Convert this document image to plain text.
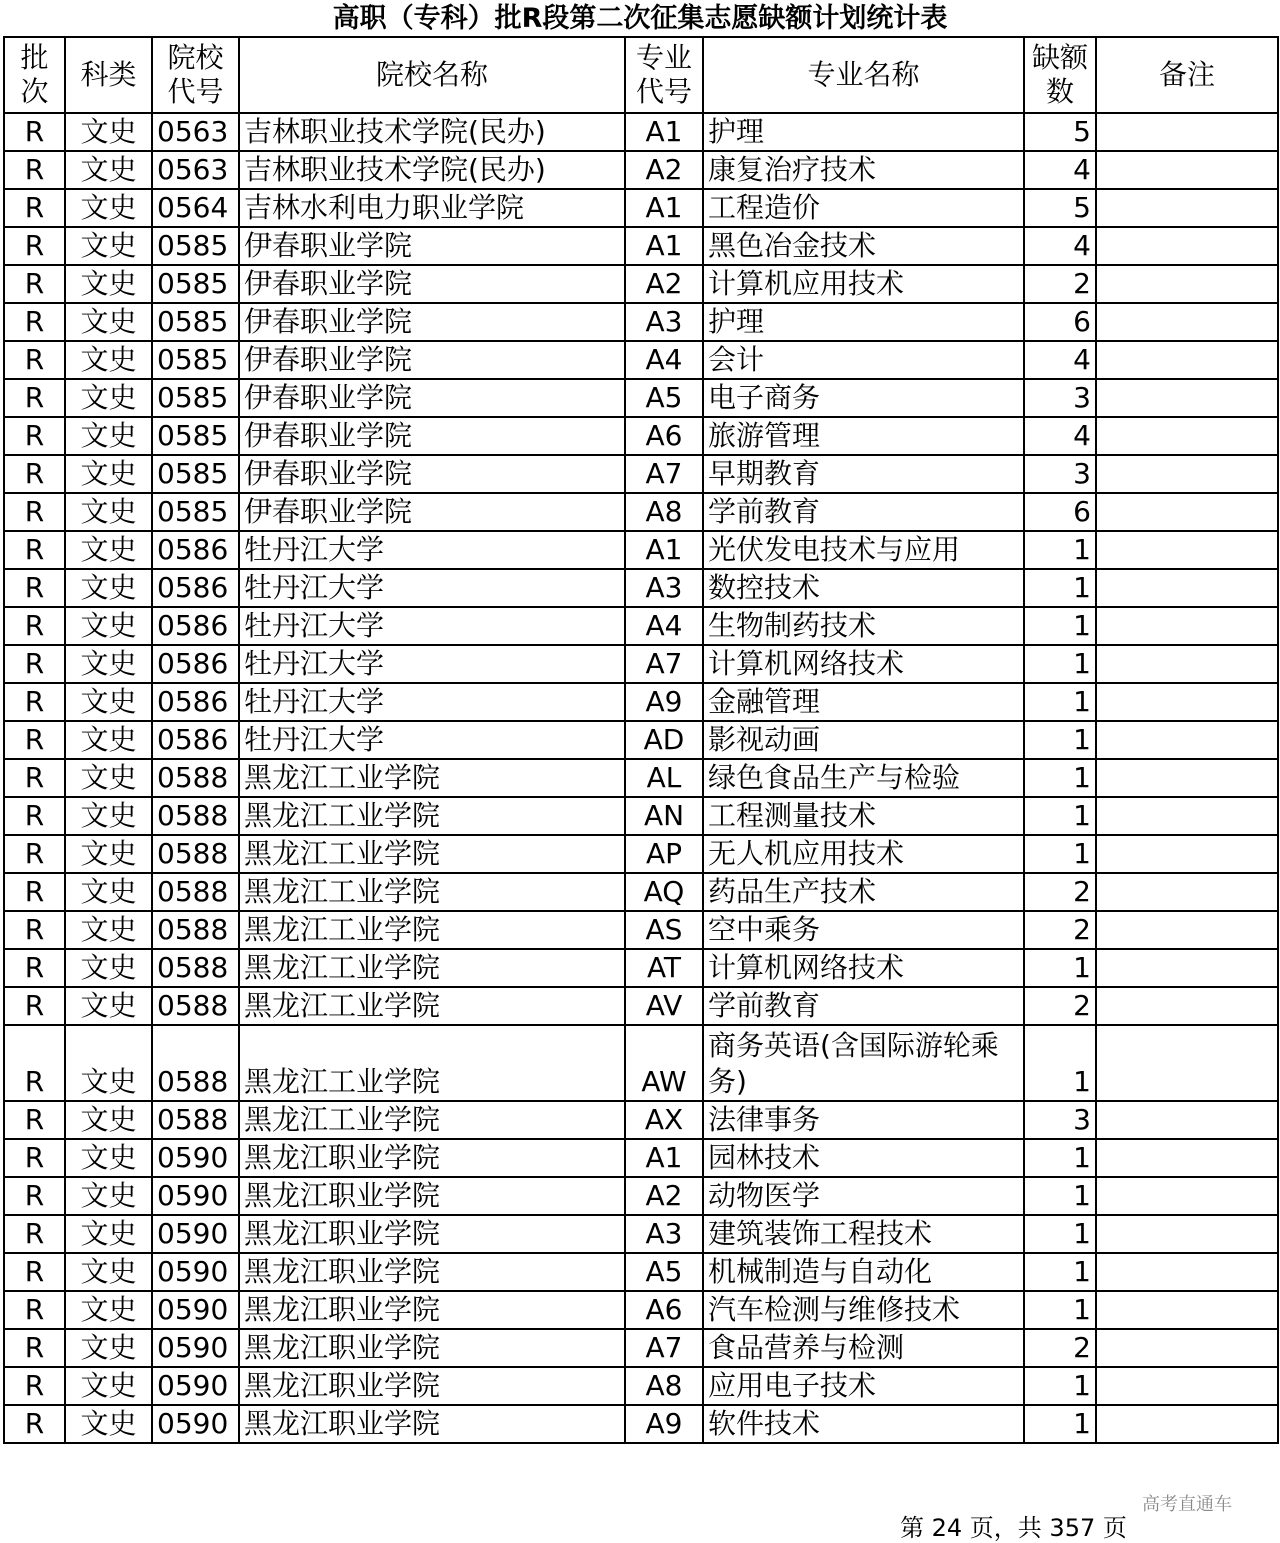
高职（专科）批R段第二次征集志愿缺额计划统计表
批次	科类	院校代号	院校名称	专业代号	专业名称	缺额数	备注
R	文史	0563	吉林职业技术学院(民办)	A1	护理	5	
R	文史	0563	吉林职业技术学院(民办)	A2	康复治疗技术	4	
R	文史	0564	吉林水利电力职业学院	A1	工程造价	5	
R	文史	0585	伊春职业学院	A1	黑色冶金技术	4	
R	文史	0585	伊春职业学院	A2	计算机应用技术	2	
R	文史	0585	伊春职业学院	A3	护理	6	
R	文史	0585	伊春职业学院	A4	会计	4	
R	文史	0585	伊春职业学院	A5	电子商务	3	
R	文史	0585	伊春职业学院	A6	旅游管理	4	
R	文史	0585	伊春职业学院	A7	早期教育	3	
R	文史	0585	伊春职业学院	A8	学前教育	6	
R	文史	0586	牡丹江大学	A1	光伏发电技术与应用	1	
R	文史	0586	牡丹江大学	A3	数控技术	1	
R	文史	0586	牡丹江大学	A4	生物制药技术	1	
R	文史	0586	牡丹江大学	A7	计算机网络技术	1	
R	文史	0586	牡丹江大学	A9	金融管理	1	
R	文史	0586	牡丹江大学	AD	影视动画	1	
R	文史	0588	黑龙江工业学院	AL	绿色食品生产与检验	1	
R	文史	0588	黑龙江工业学院	AN	工程测量技术	1	
R	文史	0588	黑龙江工业学院	AP	无人机应用技术	1	
R	文史	0588	黑龙江工业学院	AQ	药品生产技术	2	
R	文史	0588	黑龙江工业学院	AS	空中乘务	2	
R	文史	0588	黑龙江工业学院	AT	计算机网络技术	1	
R	文史	0588	黑龙江工业学院	AV	学前教育	2	
R	文史	0588	黑龙江工业学院	AW	商务英语(含国际游轮乘务)	1	
R	文史	0588	黑龙江工业学院	AX	法律事务	3	
R	文史	0590	黑龙江职业学院	A1	园林技术	1	
R	文史	0590	黑龙江职业学院	A2	动物医学	1	
R	文史	0590	黑龙江职业学院	A3	建筑装饰工程技术	1	
R	文史	0590	黑龙江职业学院	A5	机械制造与自动化	1	
R	文史	0590	黑龙江职业学院	A6	汽车检测与维修技术	1	
R	文史	0590	黑龙江职业学院	A7	食品营养与检测	2	
R	文史	0590	黑龙江职业学院	A8	应用电子技术	1	
R	文史	0590	黑龙江职业学院	A9	软件技术	1	
高考直通车
第 24 页，共 357 页
